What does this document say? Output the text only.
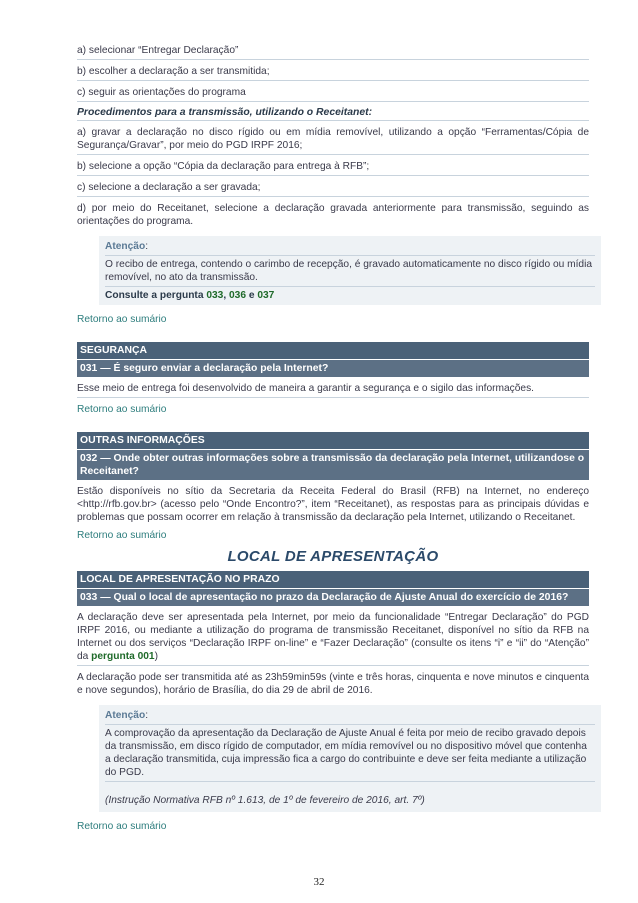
a) selecionar “Entregar Declaração”

b) escolher a declaração a ser transmitida;

c) seguir as orientações do programa

Procedimentos para a transmissão, utilizando o Receitanet:

a) gravar a declaração no disco rígido ou em mídia removível, utilizando a opção “Ferramentas/Cópia de Segurança/Gravar”, por meio do PGD IRPF 2016;

b) selecione a opção “Cópia da declaração para entrega à RFB”;

c) selecione a declaração a ser gravada;

d) por meio do Receitanet, selecione a declaração gravada anteriormente para transmissão, seguindo as orientações do programa.

Atenção:
O recibo de entrega, contendo o carimbo de recepção, é gravado automaticamente no disco rígido ou mídia removível, no ato da transmissão.
Consulte a pergunta 033, 036 e 037

Retorno ao sumário

SEGURANÇA
031 — É seguro enviar a declaração pela Internet?

Esse meio de entrega foi desenvolvido de maneira a garantir a segurança e o sigilo das informações.

Retorno ao sumário

OUTRAS INFORMAÇÕES
032 — Onde obter outras informações sobre a transmissão da declaração pela Internet, utilizandose o Receitanet?

Estão disponíveis no sítio da Secretaria da Receita Federal do Brasil (RFB) na Internet, no endereço <http://rfb.gov.br> (acesso pelo “Onde Encontro?”, item “Receitanet), as respostas para as principais dúvidas e problemas que possam ocorrer em relação à transmissão da declaração pela Internet, utilizando o Receitanet.

Retorno ao sumário

LOCAL DE APRESENTAÇÃO
LOCAL DE APRESENTAÇÃO NO PRAZO
033 — Qual o local de apresentação no prazo da Declaração de Ajuste Anual do exercício de 2016?

A declaração deve ser apresentada pela Internet, por meio da funcionalidade “Entregar Declaração” do PGD IRPF 2016, ou mediante a utilização do programa de transmissão Receitanet, disponível no sítio da RFB na Internet ou dos serviços “Declaração IRPF on-line” e “Fazer Declaração” (consulte os itens “i” e “ii” do “Atenção” da pergunta 001)

A declaração pode ser transmitida até as 23h59min59s (vinte e três horas, cinquenta e nove minutos e cinquenta e nove segundos), horário de Brasília, do dia 29 de abril de 2016.

Atenção:
A comprovação da apresentação da Declaração de Ajuste Anual é feita por meio de recibo gravado depois da transmissão, em disco rígido de computador, em mídia removível ou no dispositivo móvel que contenha a declaração transmitida, cuja impressão fica a cargo do contribuinte e deve ser feita mediante a utilização do PGD.
(Instrução Normativa RFB nº 1.613, de 1º de fevereiro de 2016, art. 7º)

Retorno ao sumário

32
